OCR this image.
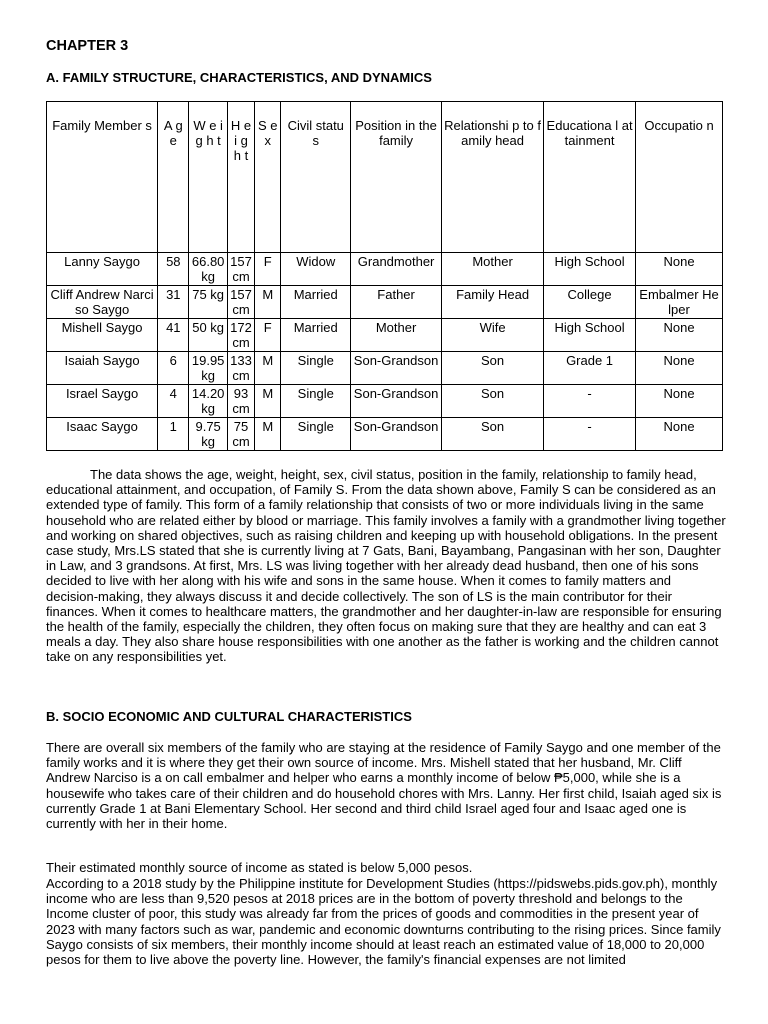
CHAPTER 3
A. FAMILY STRUCTURE, CHARACTERISTICS, AND DYNAMICS
Family Member s	A g e	W e i g h t	H e i g h t	S e x	Civil statu s	Position in the family	Relationshi p to family head	Educationa l attainment	Occupatio n
Lanny Saygo	58	66.80 kg	157 cm	F	Widow	Grandmother	Mother	High School	None
Cliff Andrew Narciso Saygo	31	75 kg	157 cm	M	Married	Father	Family Head	College	Embalmer Helper
Mishell Saygo	41	50 kg	172 cm	F	Married	Mother	Wife	High School	None
Isaiah Saygo	6	19.95 kg	133 cm	M	Single	Son-Grandson	Son	Grade 1	None
Israel Saygo	4	14.20 kg	93 cm	M	Single	Son-Grandson	Son	-	None
Isaac Saygo	1	9.75 kg	75 cm	M	Single	Son-Grandson	Son	-	None
The data shows the age, weight, height, sex, civil status, position in the family, relationship to family head, educational attainment, and occupation, of Family S. From the data shown above, Family S can be considered as an extended type of family. This form of a family relationship that consists of two or more individuals living in the same household who are related either by blood or marriage. This family involves a family with a grandmother living together and working on shared objectives, such as raising children and keeping up with household obligations. In the present case study, Mrs.LS stated that she is currently living at 7 Gats, Bani, Bayambang, Pangasinan with her son, Daughter in Law, and 3 grandsons. At first, Mrs. LS was living together with her already dead husband, then one of his sons decided to live with her along with his wife and sons in the same house. When it comes to family matters and decision-making, they always discuss it and decide collectively. The son of LS is the main contributor for their finances. When it comes to healthcare matters, the grandmother and her daughter-in-law are responsible for ensuring the health of the family, especially the children, they often focus on making sure that they are healthy and can eat 3 meals a day. They also share house responsibilities with one another as the father is working and the children cannot take on any responsibilities yet.
B. SOCIO ECONOMIC AND CULTURAL CHARACTERISTICS
There are overall six members of the family who are staying at the residence of Family Saygo and one member of the family works and it is where they get their own source of income. Mrs. Mishell stated that her husband, Mr. Cliff Andrew Narciso is a on call embalmer and helper who earns a monthly income of below ₱5,000, while she is a housewife who takes care of their children and do household chores with Mrs. Lanny. Her first child, Isaiah aged six is currently Grade 1 at Bani Elementary School. Her second and third child Israel aged four and Isaac aged one is currently with her in their home.
Their estimated monthly source of income as stated is below 5,000 pesos.
According to a 2018 study by the Philippine institute for Development Studies (https://pidswebs.pids.gov.ph), monthly income who are less than 9,520 pesos at 2018 prices are in the bottom of poverty threshold and belongs to the Income cluster of poor, this study was already far from the prices of goods and commodities in the present year of 2023 with many factors such as war, pandemic and economic downturns contributing to the rising prices. Since family Saygo consists of six members, their monthly income should at least reach an estimated value of 18,000 to 20,000 pesos for them to live above the poverty line. However, the family's financial expenses are not limited
